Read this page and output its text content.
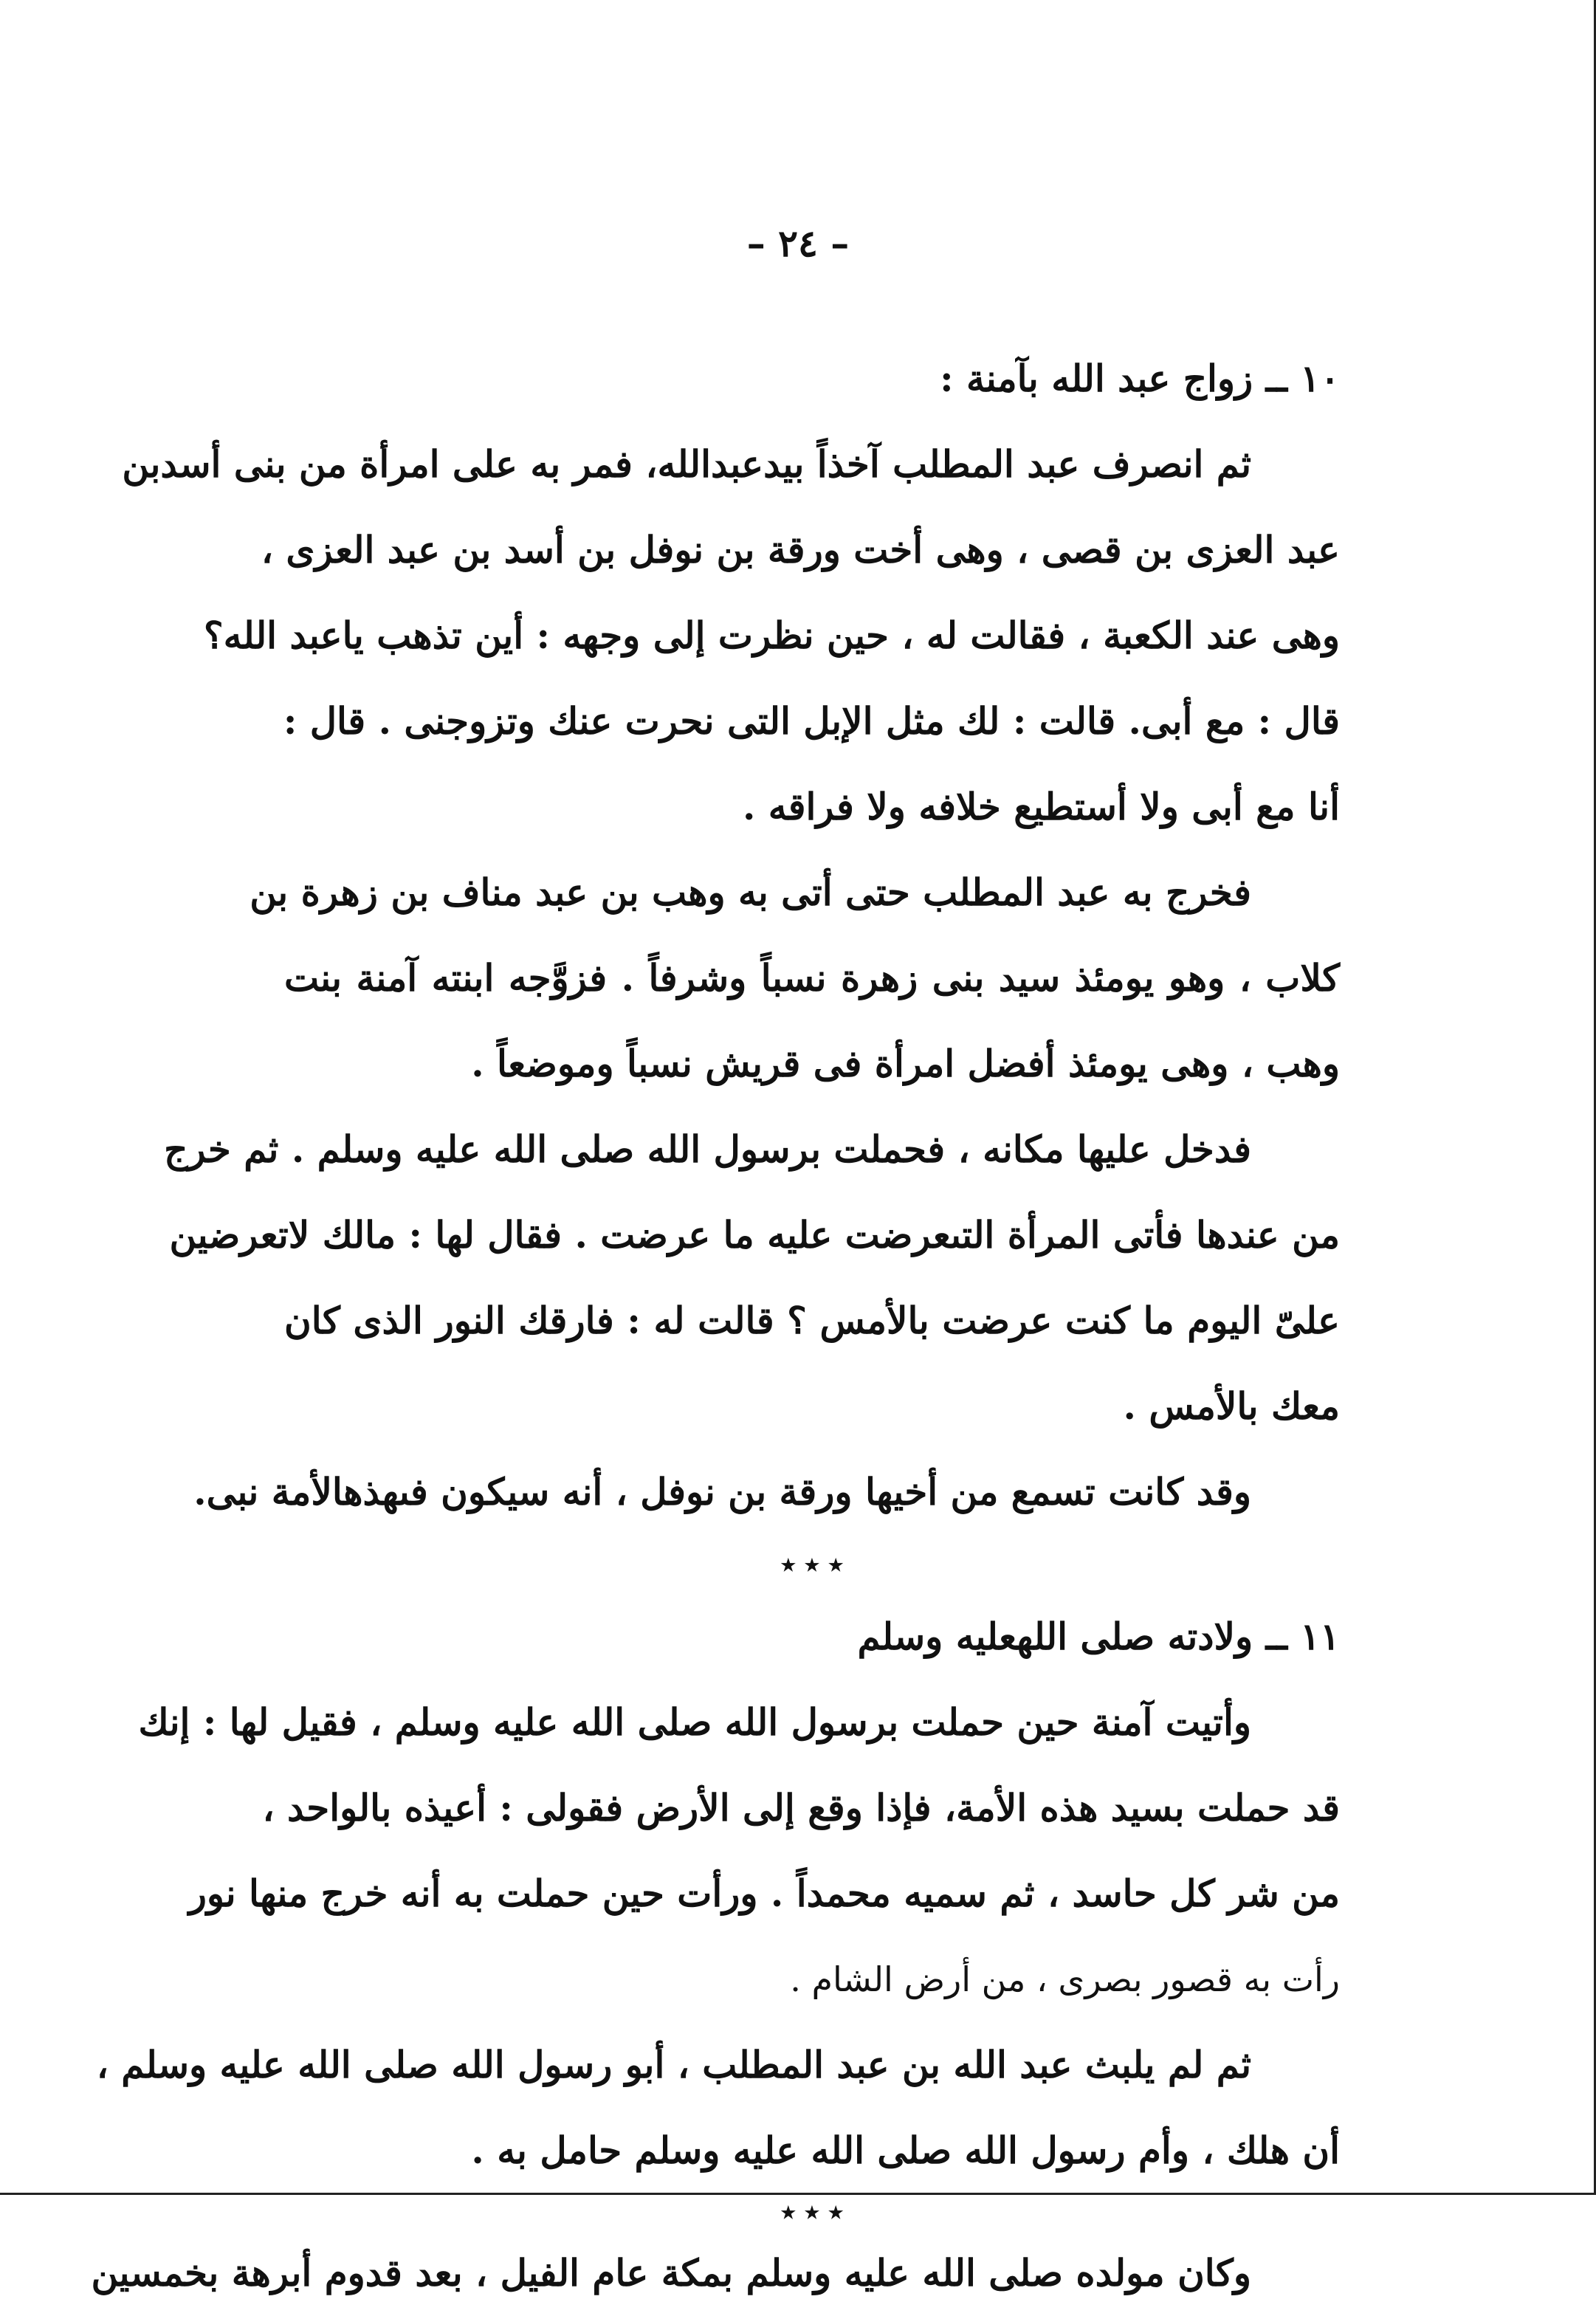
– ٢٤ –
١٠ ــ زواج عبد الله بآمنة :
ثم انصرف عبد المطلب آخذاً بيدعبدالله، فمر به على امرأة من بنى أسدبن
عبد العزى بن قصى ، وهى أخت ورقة بن نوفل بن أسد بن عبد العزى ،
وهى عند الكعبة ، فقالت له ، حين نظرت إلى وجهه : أين تذهب ياعبد الله؟
قال : مع أبى. قالت : لك مثل الإبل التى نحرت عنك وتزوجنى . قال :
أنا مع أبى ولا أستطيع خلافه ولا فراقه .
فخرج به عبد المطلب حتى أتى به وهب بن عبد مناف بن زهرة بن
كلاب ، وهو يومئذ سيد بنى زهرة نسباً وشرفاً . فزوَّجه ابنته آمنة بنت
وهب ، وهى يومئذ أفضل امرأة فى قريش نسباً وموضعاً .
فدخل عليها مكانه ، فحملت برسول الله صلى الله عليه وسلم . ثم خرج
من عندها فأتى المرأة التىعرضت عليه ما عرضت . فقال لها : مالك لاتعرضين
علىّ اليوم ما كنت عرضت بالأمس ؟ قالت له : فارقك النور الذى كان
معك بالأمس .
وقد كانت تسمع من أخيها ورقة بن نوفل ، أنه سيكون فىهذهالأمة نبى.
٭ ٭ ٭
١١ ــ ولادته صلى اللهعليه وسلم
وأتيت آمنة حين حملت برسول الله صلى الله عليه وسلم ، فقيل لها : إنك
قد حملت بسيد هذه الأمة، فإذا وقع إلى الأرض فقولى : أعيذه بالواحد ،
من شر كل حاسد ، ثم سميه محمداً . ورأت حين حملت به أنه خرج منها نور
رأت به قصور بصرى ، من أرض الشام .
ثم لم يلبث عبد الله بن عبد المطلب ، أبو رسول الله صلى الله عليه وسلم ،
أن هلك ، وأم رسول الله صلى الله عليه وسلم حامل به .
٭ ٭ ٭
وكان مولده صلى الله عليه وسلم بمكة عام الفيل ، بعد قدوم أبرهة بخمسين
